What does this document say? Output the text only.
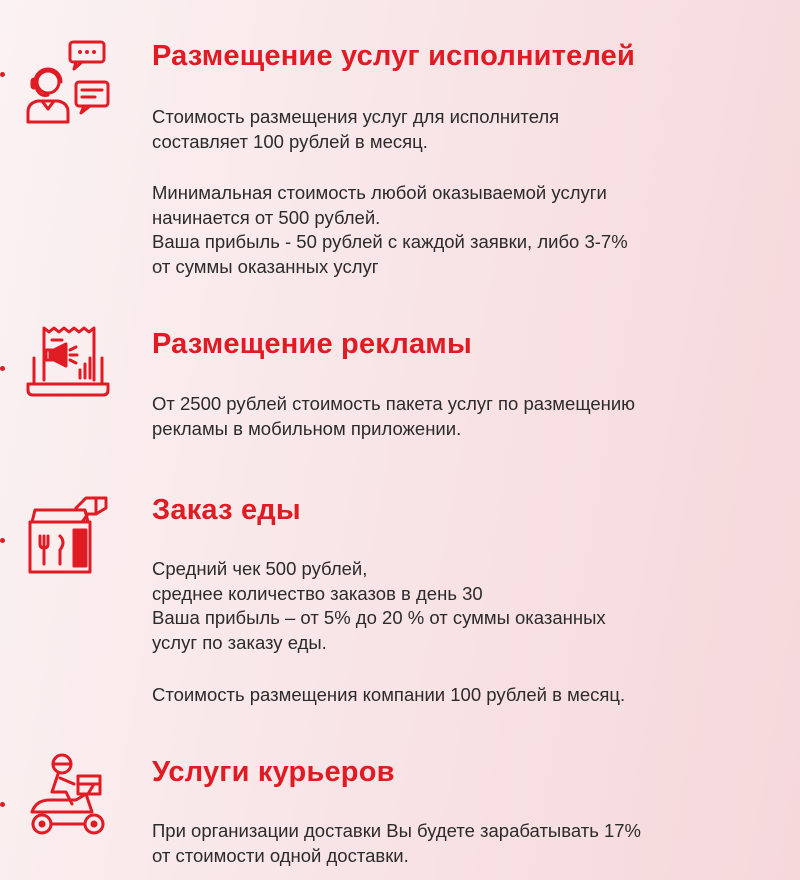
Размещение услуг исполнителей

Стоимость размещения услуг для исполнителя
составляет 100 рублей в месяц.

Минимальная стоимость любой оказываемой услуги
начинается от 500 рублей.
Ваша прибыль - 50 рублей с каждой заявки, либо 3-7%
от суммы оказанных услуг

Размещение рекламы

От 2500 рублей стоимость пакета услуг по размещению
рекламы в мобильном приложении.

Заказ еды

Средний чек 500 рублей,
среднее количество заказов в день 30
Ваша прибыль – от 5% до 20 % от суммы оказанных
услуг по заказу еды.

Стоимость размещения компании 100 рублей в месяц.

Услуги курьеров

При организации доставки Вы будете зарабатывать 17%
от стоимости одной доставки.
